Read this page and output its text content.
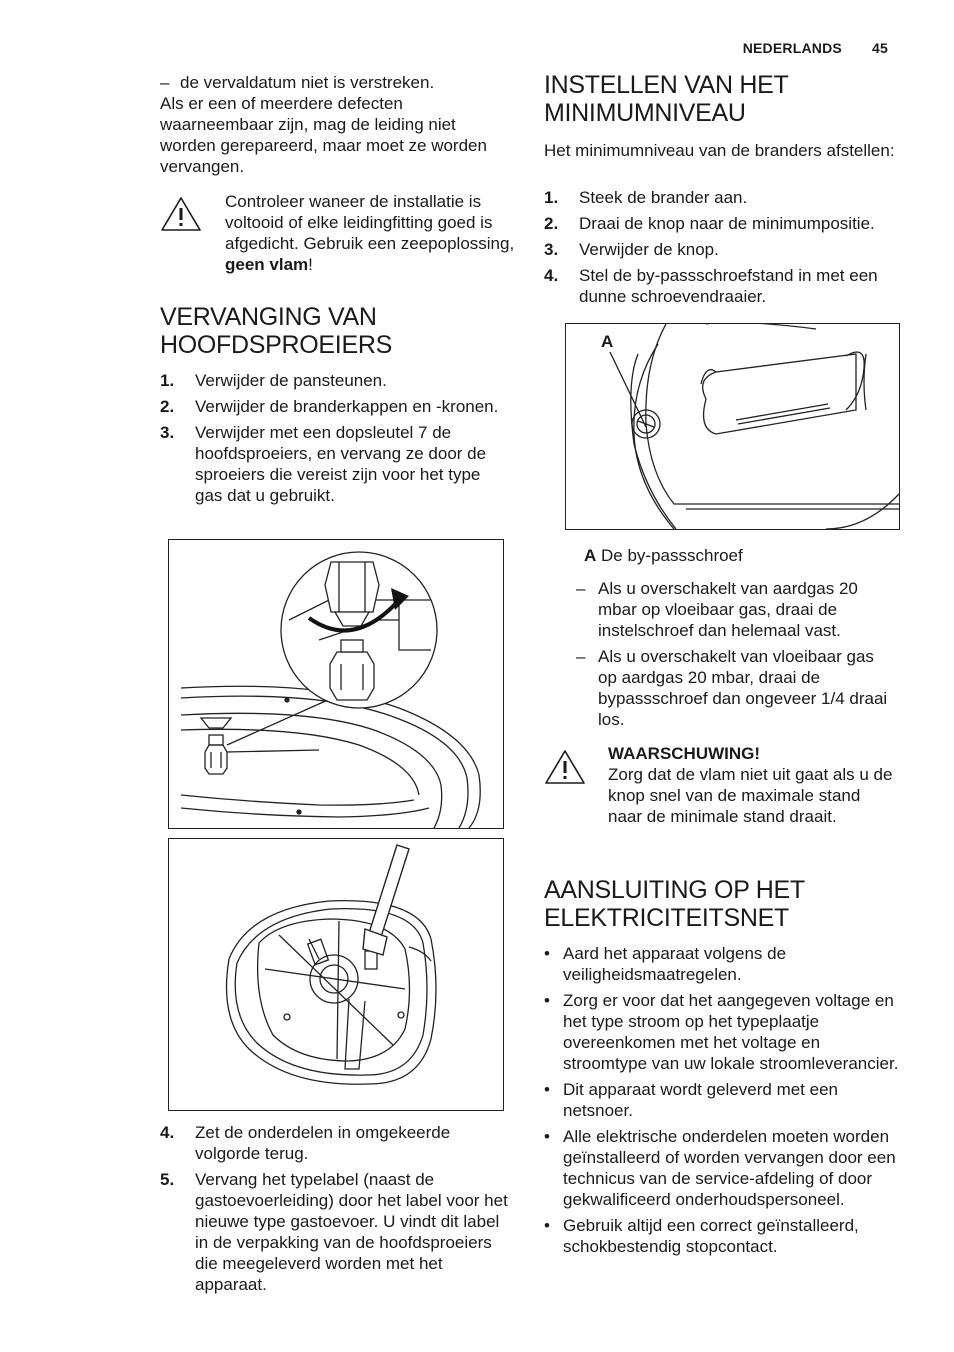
NEDERLANDS 45
– de vervaldatum niet is verstreken.

Als er een of meerdere defecten waarneembaar zijn, mag de leiding niet worden gerepareerd, maar moet ze worden vervangen.

Controleer waneer de installatie is voltooid of elke leidingfitting goed is afgedicht. Gebruik een zeepoplossing, geen vlam!
VERVANGING VAN
HOOFDSPROEIERS
1. Verwijder de pansteunen.
2. Verwijder de branderkappen en -kronen.
3. Verwijder met een dopsleutel 7 de hoofdsproeiers, en vervang ze door de sproeiers die vereist zijn voor het type gas dat u gebruikt.
4. Zet de onderdelen in omgekeerde volgorde terug.
5. Vervang het typelabel (naast de gastoevoerleiding) door het label voor het nieuwe type gastoevoer. U vindt dit label in de verpakking van de hoofdsproeiers die meegeleverd worden met het apparaat.
INSTELLEN VAN HET
MINIMUMNIVEAU

Het minimumniveau van de branders afstellen:

1. Steek de brander aan.
2. Draai de knop naar de minimumpositie.
3. Verwijder de knop.
4. Stel de by-passschroefstand in met een dunne schroevendraaier.
A
A De by-passschroef
– Als u overschakelt van aardgas 20 mbar op vloeibaar gas, draai de instelschroef dan helemaal vast.
– Als u overschakelt van vloeibaar gas op aardgas 20 mbar, draai de bypassschroef dan ongeveer 1/4 draai los.
WAARSCHUWING!

Zorg dat de vlam niet uit gaat als u de knop snel van de maximale stand naar de minimale stand draait.

AANSLUITING OP HET
ELEKTRICITEITSNET
• Aard het apparaat volgens de veiligheidsmaatregelen.
• Zorg er voor dat het aangegeven voltage en het type stroom op het typeplaatje overeenkomen met het voltage en stroomtype van uw lokale stroomleverancier.
• Dit apparaat wordt geleverd met een netsnoer.
• Alle elektrische onderdelen moeten worden geïnstalleerd of worden vervangen door een technicus van de service-afdeling of door gekwalificeerd onderhoudspersoneel.
• Gebruik altijd een correct geïnstalleerd, schokbestendig stopcontact.
